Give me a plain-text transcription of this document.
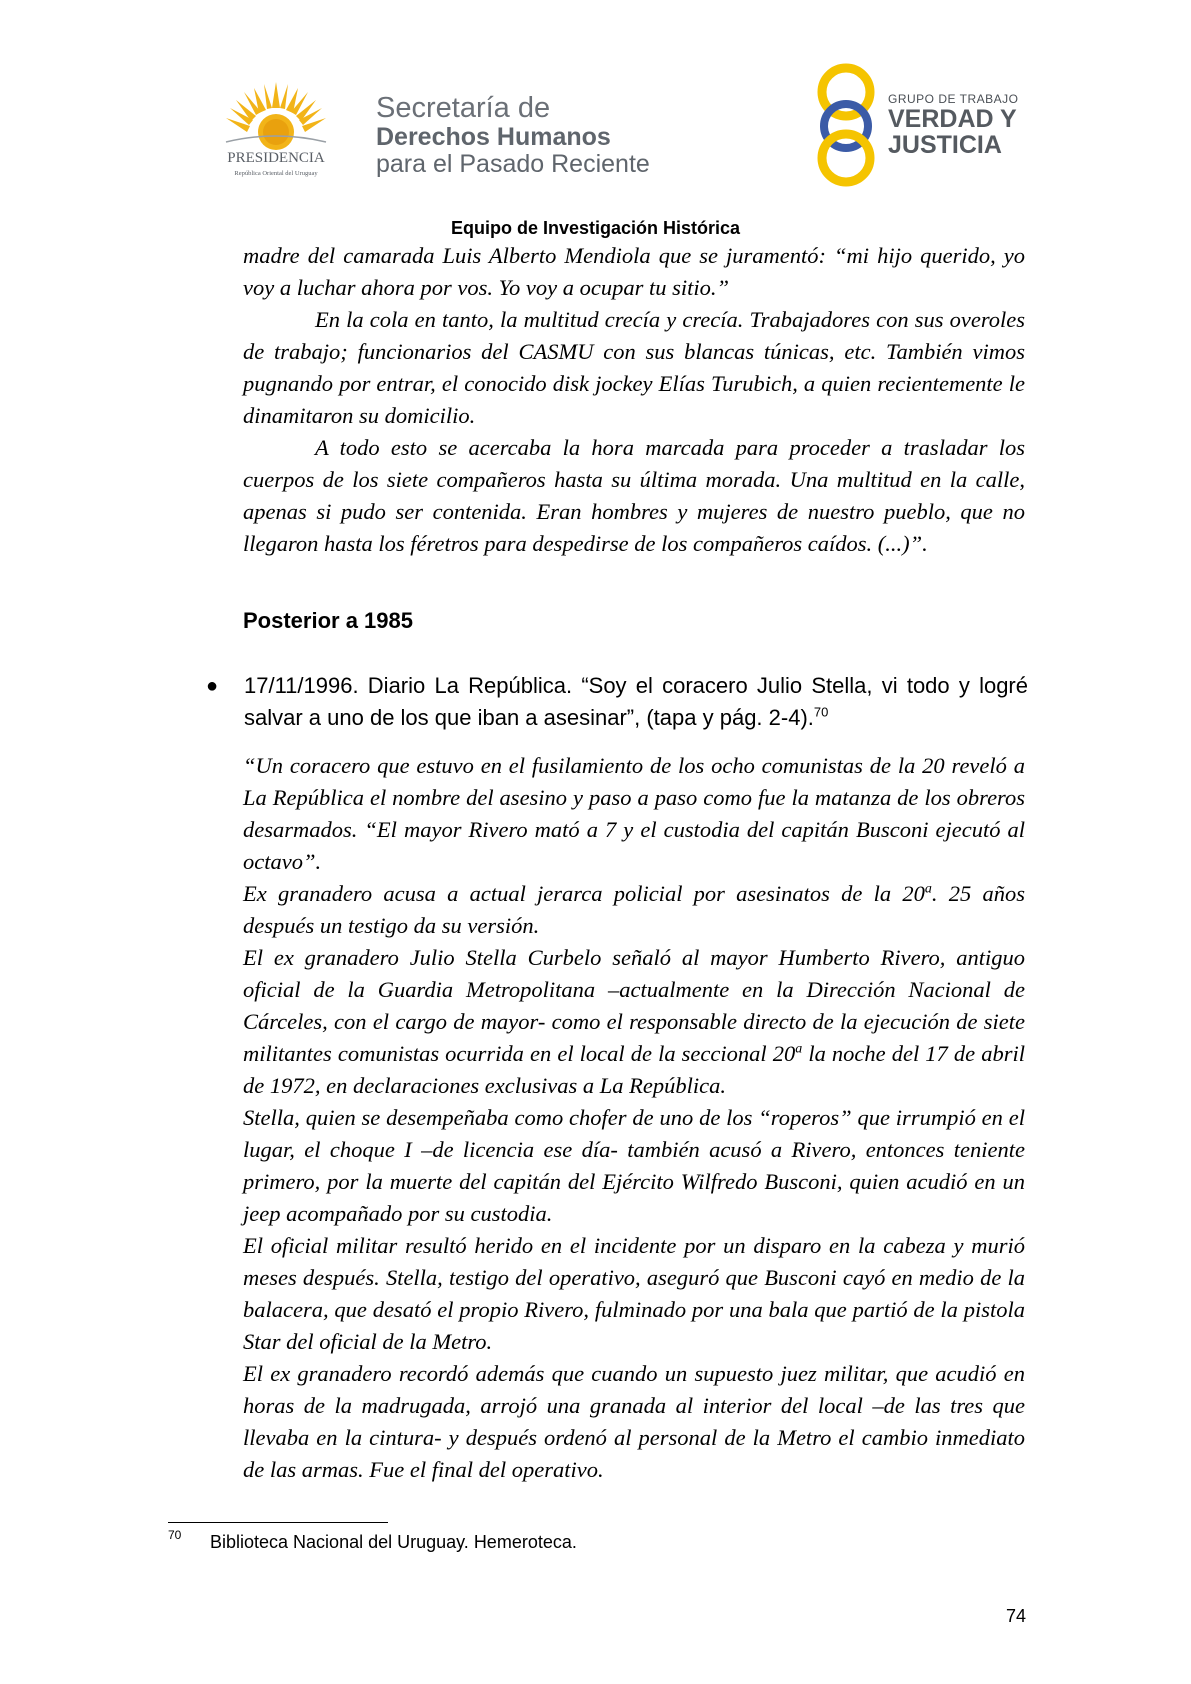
PRESIDENCIA
República Oriental del Uruguay
Secretaría de
Derechos Humanos
para el Pasado Reciente
GRUPO DE TRABAJO
VERDAD Y
JUSTICIA
Equipo de Investigación Histórica

madre del camarada Luis Alberto Mendiola que se juramentó: “mi hijo querido, yo voy a luchar ahora por vos. Yo voy a ocupar tu sitio.”

En la cola en tanto, la multitud crecía y crecía. Trabajadores con sus overoles de trabajo; funcionarios del CASMU con sus blancas túnicas, etc. También vimos pugnando por entrar, el conocido disk jockey Elías Turubich, a quien recientemente le dinamitaron su domicilio.

A todo esto se acercaba la hora marcada para proceder a trasladar los cuerpos de los siete compañeros hasta su última morada. Una multitud en la calle, apenas si pudo ser contenida. Eran hombres y mujeres de nuestro pueblo, que no llegaron hasta los féretros para despedirse de los compañeros caídos. (...)”.

Posterior a 1985
●	17/11/1996. Diario La República. “Soy el coracero Julio Stella, vi todo y logré salvar a uno de los que iban a asesinar”, (tapa y pág. 2-4).$^{70}$

“Un coracero que estuvo en el fusilamiento de los ocho comunistas de la 20 reveló a La República el nombre del asesino y paso a paso como fue la matanza de los obreros desarmados. “El mayor Rivero mató a 7 y el custodia del capitán Busconi ejecutó al octavo”.

Ex granadero acusa a actual jerarca policial por asesinatos de la 20$^a$. 25 años después un testigo da su versión.

El ex granadero Julio Stella Curbelo señaló al mayor Humberto Rivero, antiguo oficial de la Guardia Metropolitana –actualmente en la Dirección Nacional de Cárceles, con el cargo de mayor- como el responsable directo de la ejecución de siete militantes comunistas ocurrida en el local de la seccional 20$^a$ la noche del 17 de abril de 1972, en declaraciones exclusivas a La República.

Stella, quien se desempeñaba como chofer de uno de los “roperos” que irrumpió en el lugar, el choque I –de licencia ese día- también acusó a Rivero, entonces teniente primero, por la muerte del capitán del Ejército Wilfredo Busconi, quien acudió en un jeep acompañado por su custodia.

El oficial militar resultó herido en el incidente por un disparo en la cabeza y murió meses después. Stella, testigo del operativo, aseguró que Busconi cayó en medio de la balacera, que desató el propio Rivero, fulminado por una bala que partió de la pistola Star del oficial de la Metro.

El ex granadero recordó además que cuando un supuesto juez militar, que acudió en horas de la madrugada, arrojó una granada al interior del local –de las tres que llevaba en la cintura- y después ordenó al personal de la Metro el cambio inmediato de las armas. Fue el final del operativo.

70 Biblioteca Nacional del Uruguay. Hemeroteca.
74
